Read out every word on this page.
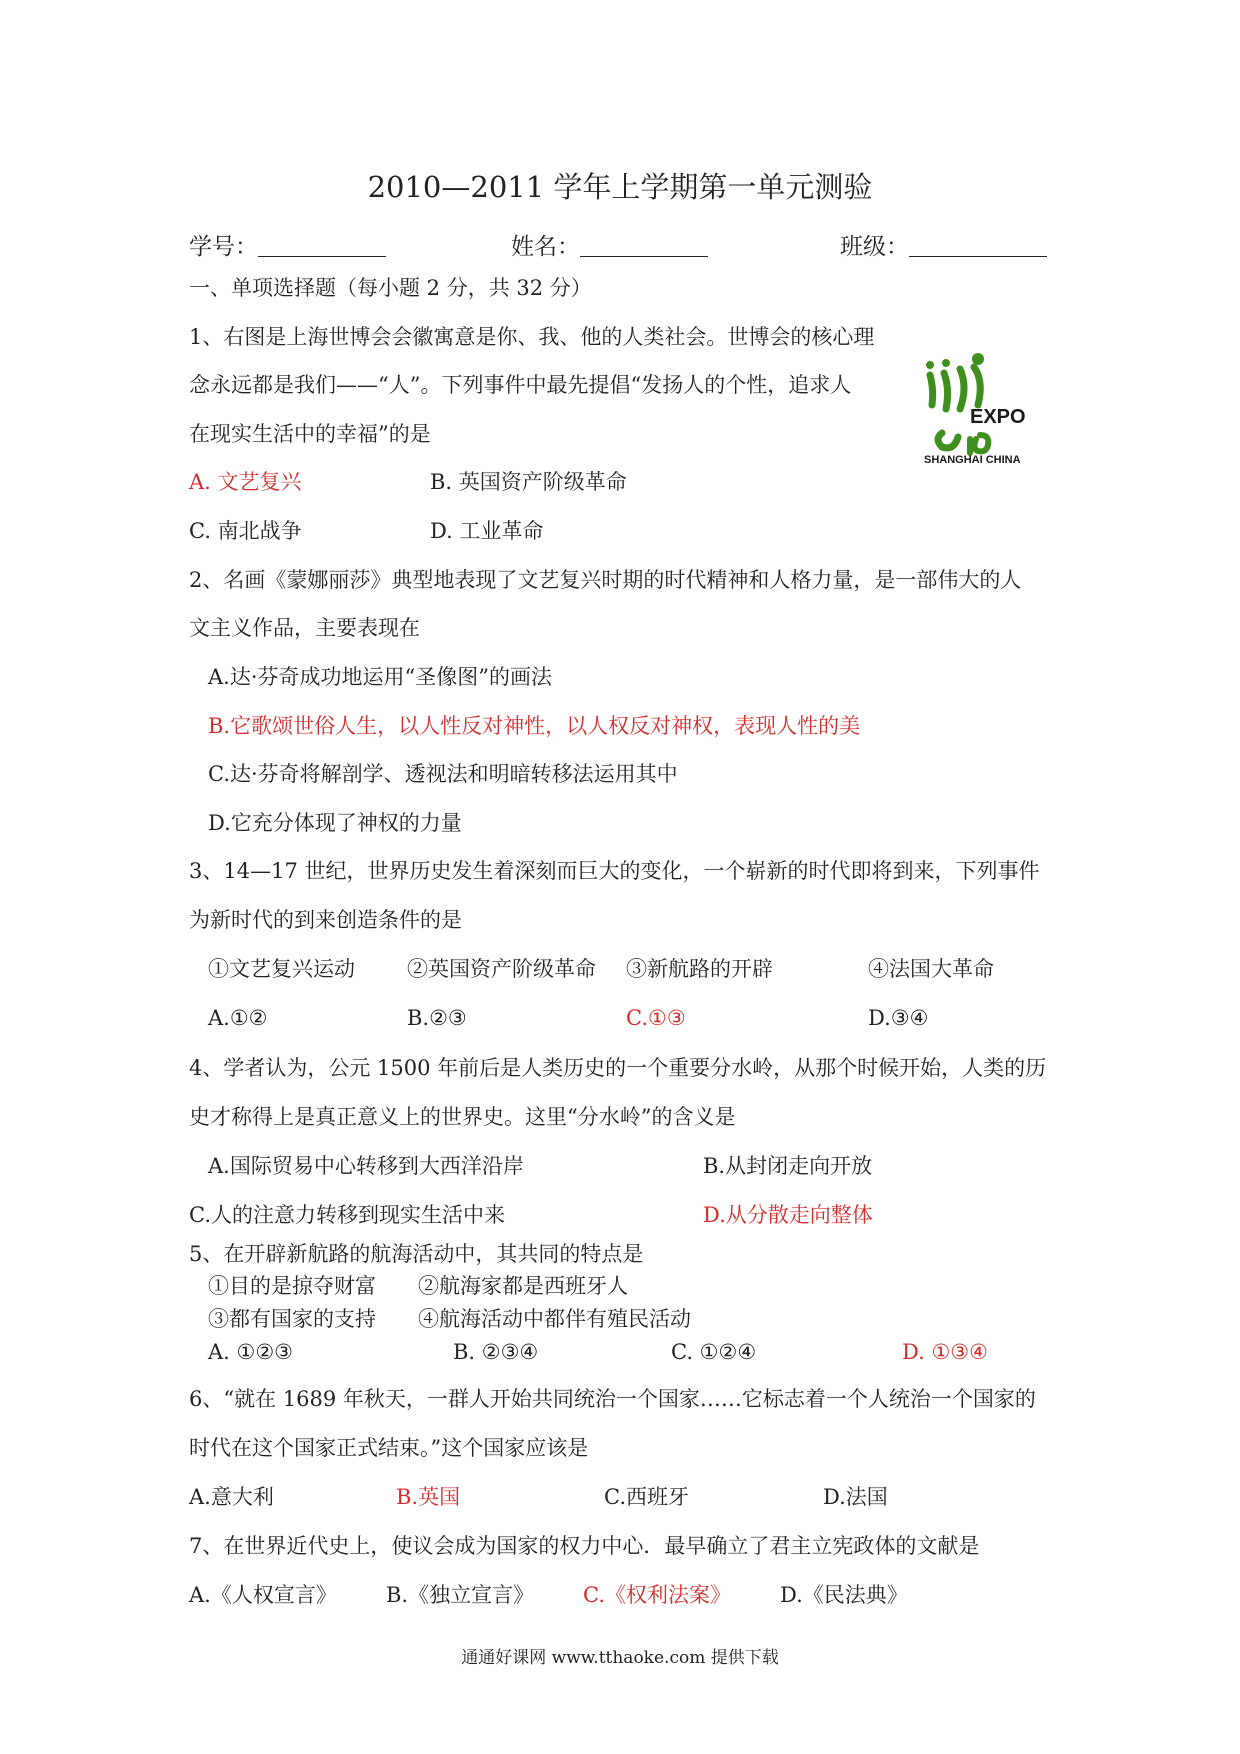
2010—2011 学年上学期第一单元测验
学号：	姓名：	班级：
一、单项选择题（每小题 2 分，共 32 分）
1、右图是上海世博会会徽寓意是你、我、他的人类社会。世博会的核心理
念永远都是我们——“人”。下列事件中最先提倡“发扬人的个性，追求人
在现实生活中的幸福”的是
A. 文艺复兴	B. 英国资产阶级革命
C. 南北战争	D. 工业革命
EXPO
SHANGHAI CHINA
2、名画《蒙娜丽莎》典型地表现了文艺复兴时期的时代精神和人格力量，是一部伟大的人
文主义作品，主要表现在
A.达·芬奇成功地运用“圣像图”的画法
B.它歌颂世俗人生，以人性反对神性，以人权反对神权，表现人性的美
C.达·芬奇将解剖学、透视法和明暗转移法运用其中
D.它充分体现了神权的力量
3、14—17 世纪，世界历史发生着深刻而巨大的变化，一个崭新的时代即将到来，下列事件
为新时代的到来创造条件的是
①文艺复兴运动 ②英国资产阶级革命 ③新航路的开辟	④法国大革命
A.①②	B.②③	C.①③	D.③④
4、学者认为，公元 1500 年前后是人类历史的一个重要分水岭，从那个时候开始，人类的历
史才称得上是真正意义上的世界史。这里“分水岭”的含义是
A.国际贸易中心转移到大西洋沿岸	B.从封闭走向开放
C.人的注意力转移到现实生活中来	D.从分散走向整体
5、在开辟新航路的航海活动中，其共同的特点是
①目的是掠夺财富 ②航海家都是西班牙人
③都有国家的支持 ④航海活动中都伴有殖民活动
A. ①②③	B. ②③④	C. ①②④	D. ①③④
6、“就在 1689 年秋天，一群人开始共同统治一个国家……它标志着一个人统治一个国家的
时代在这个国家正式结束。”这个国家应该是
A.意大利	B.英国	C.西班牙	D.法国
7、在世界近代史上，使议会成为国家的权力中心．最早确立了君主立宪政体的文献是
A.《人权宣言》 B.《独立宣言》 C.《权利法案》 D.《民法典》
通通好课网 www.tthaoke.com 提供下载
